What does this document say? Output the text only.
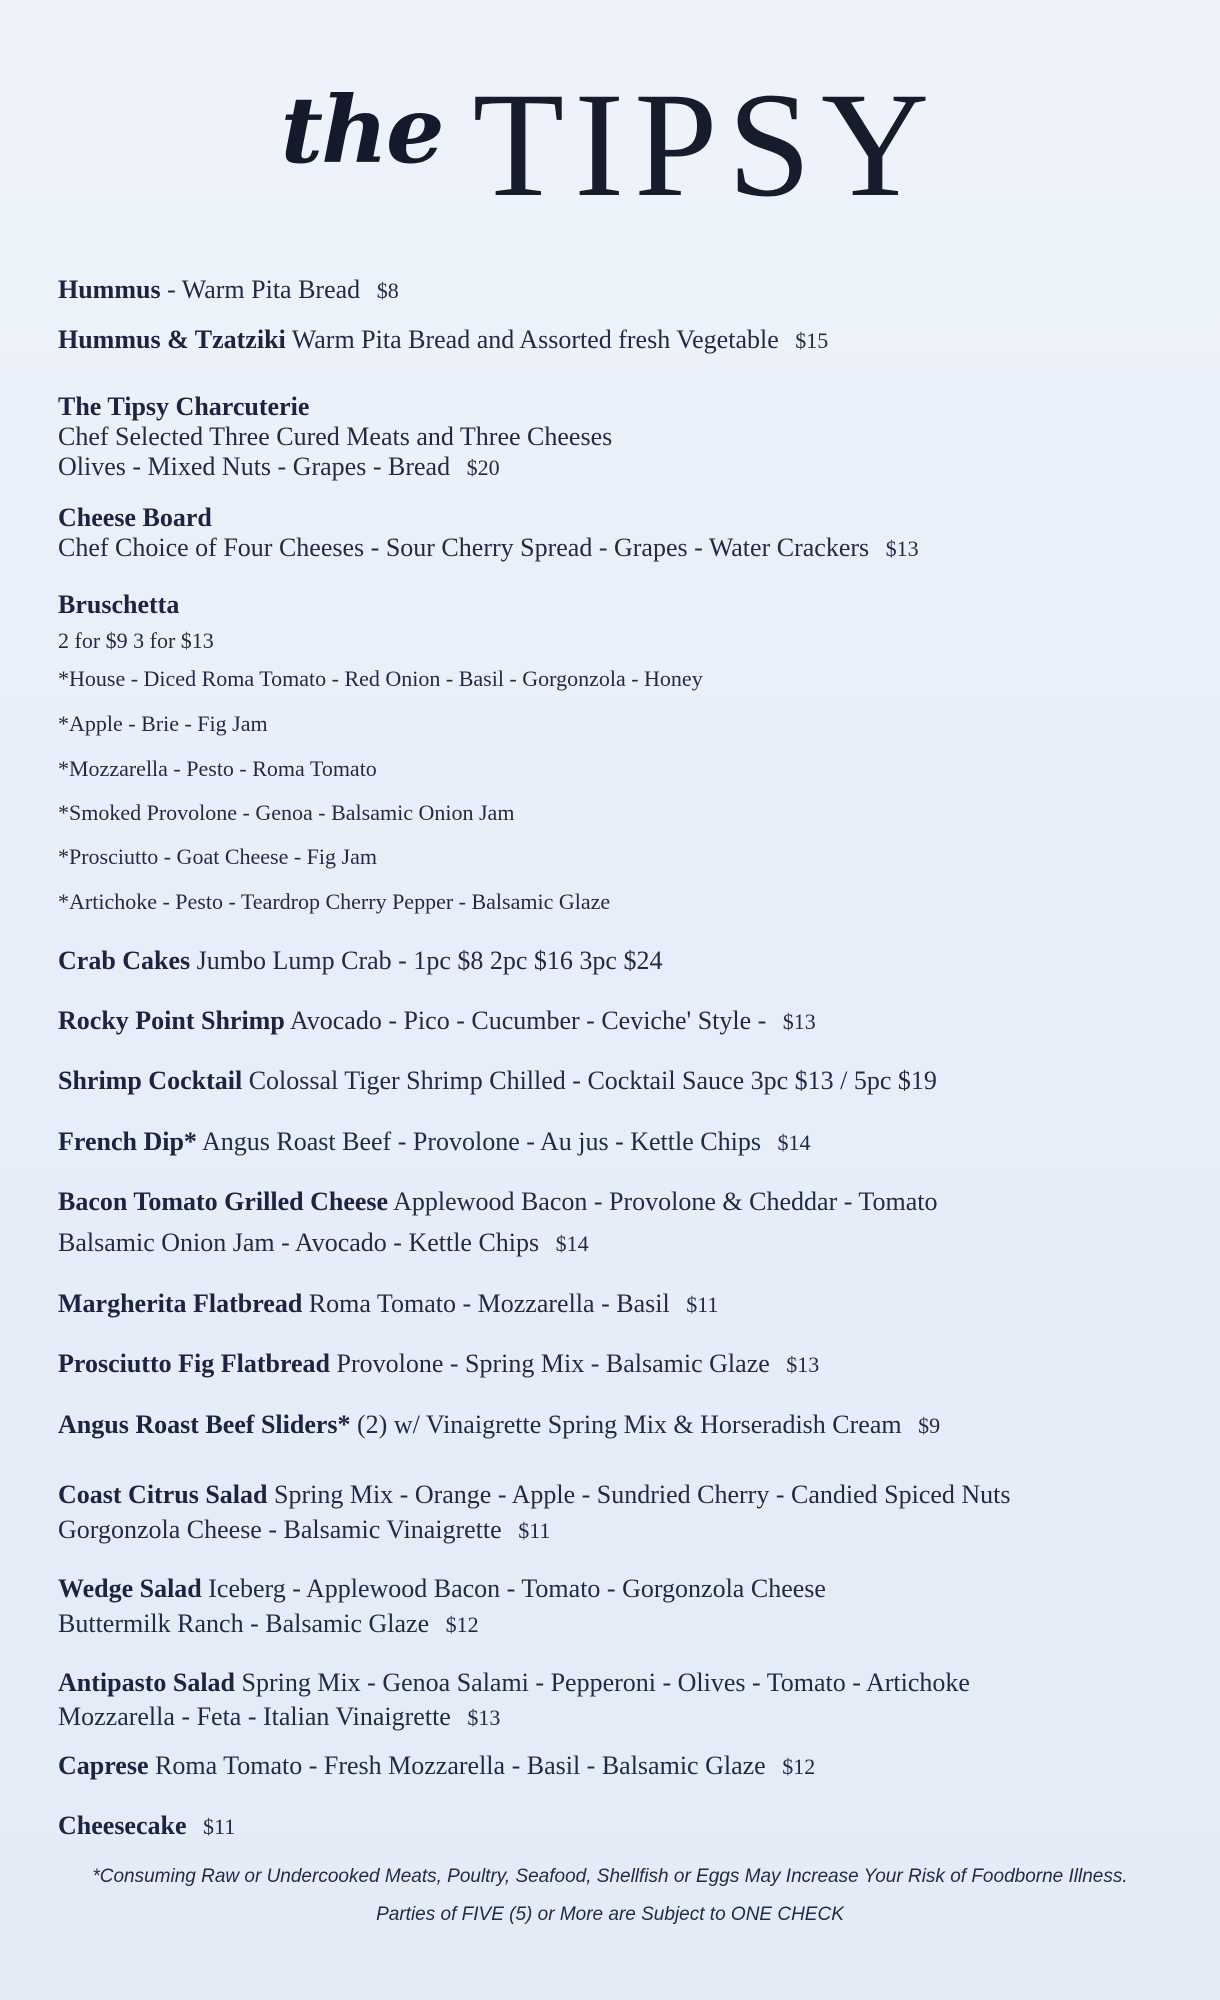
the TIPSY
Hummus - Warm Pita Bread $8
Hummus & Tzatziki Warm Pita Bread and Assorted fresh Vegetable $15
The Tipsy Charcuterie
Chef Selected Three Cured Meats and Three Cheeses
Olives - Mixed Nuts - Grapes - Bread $20
Cheese Board
Chef Choice of Four Cheeses - Sour Cherry Spread - Grapes - Water Crackers $13
Bruschetta
2 for $9 3 for $13
*House - Diced Roma Tomato - Red Onion - Basil - Gorgonzola - Honey
*Apple - Brie - Fig Jam
*Mozzarella - Pesto - Roma Tomato
*Smoked Provolone - Genoa - Balsamic Onion Jam
*Prosciutto - Goat Cheese - Fig Jam
*Artichoke - Pesto - Teardrop Cherry Pepper - Balsamic Glaze
Crab Cakes Jumbo Lump Crab - 1pc $8 2pc $16 3pc $24
Rocky Point Shrimp Avocado - Pico - Cucumber - Ceviche' Style - $13
Shrimp Cocktail Colossal Tiger Shrimp Chilled - Cocktail Sauce 3pc $13 / 5pc $19
French Dip* Angus Roast Beef - Provolone - Au jus - Kettle Chips $14
Bacon Tomato Grilled Cheese Applewood Bacon - Provolone & Cheddar - Tomato
Balsamic Onion Jam - Avocado - Kettle Chips $14
Margherita Flatbread Roma Tomato - Mozzarella - Basil $11
Prosciutto Fig Flatbread Provolone - Spring Mix - Balsamic Glaze $13
Angus Roast Beef Sliders* (2) w/ Vinaigrette Spring Mix & Horseradish Cream $9
Coast Citrus Salad Spring Mix - Orange - Apple - Sundried Cherry - Candied Spiced Nuts
Gorgonzola Cheese - Balsamic Vinaigrette $11
Wedge Salad Iceberg - Applewood Bacon - Tomato - Gorgonzola Cheese
Buttermilk Ranch - Balsamic Glaze $12
Antipasto Salad Spring Mix - Genoa Salami - Pepperoni - Olives - Tomato - Artichoke
Mozzarella - Feta - Italian Vinaigrette $13
Caprese Roma Tomato - Fresh Mozzarella - Basil - Balsamic Glaze $12
Cheesecake $11
*Consuming Raw or Undercooked Meats, Poultry, Seafood, Shellfish or Eggs May Increase Your Risk of Foodborne Illness.
Parties of FIVE (5) or More are Subject to ONE CHECK
